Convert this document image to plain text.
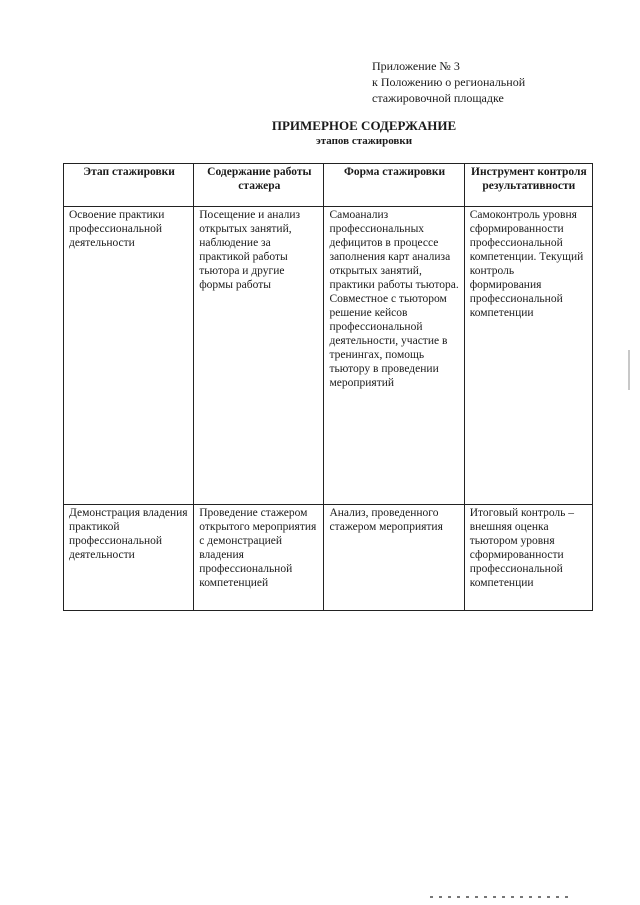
Приложение № 3
к Положению о региональной
стажировочной площадке
ПРИМЕРНОЕ СОДЕРЖАНИЕ
этапов стажировки
Этап стажировки	Содержание работы стажера	Форма стажировки	Инструмент контроля результативности
Освоение практики профессиональной деятельности	Посещение и анализ открытых занятий, наблюдение за практикой работы тьютора и другие формы работы	Самоанализ профессиональных дефицитов в процессе заполнения карт анализа открытых занятий, практики работы тьютора. Совместное с тьютором решение кейсов профессиональной деятельности, участие в тренингах, помощь тьютору в проведении мероприятий	Самоконтроль уровня сформированности профессиональной компетенции. Текущий контроль формирования профессиональной компетенции
Демонстрация владения практикой профессиональной деятельности	Проведение стажером открытого мероприятия с демонстрацией владения профессиональной компетенцией	Анализ, проведенного стажером мероприятия	Итоговый контроль – внешняя оценка тьютором уровня сформированности профессиональной компетенции
